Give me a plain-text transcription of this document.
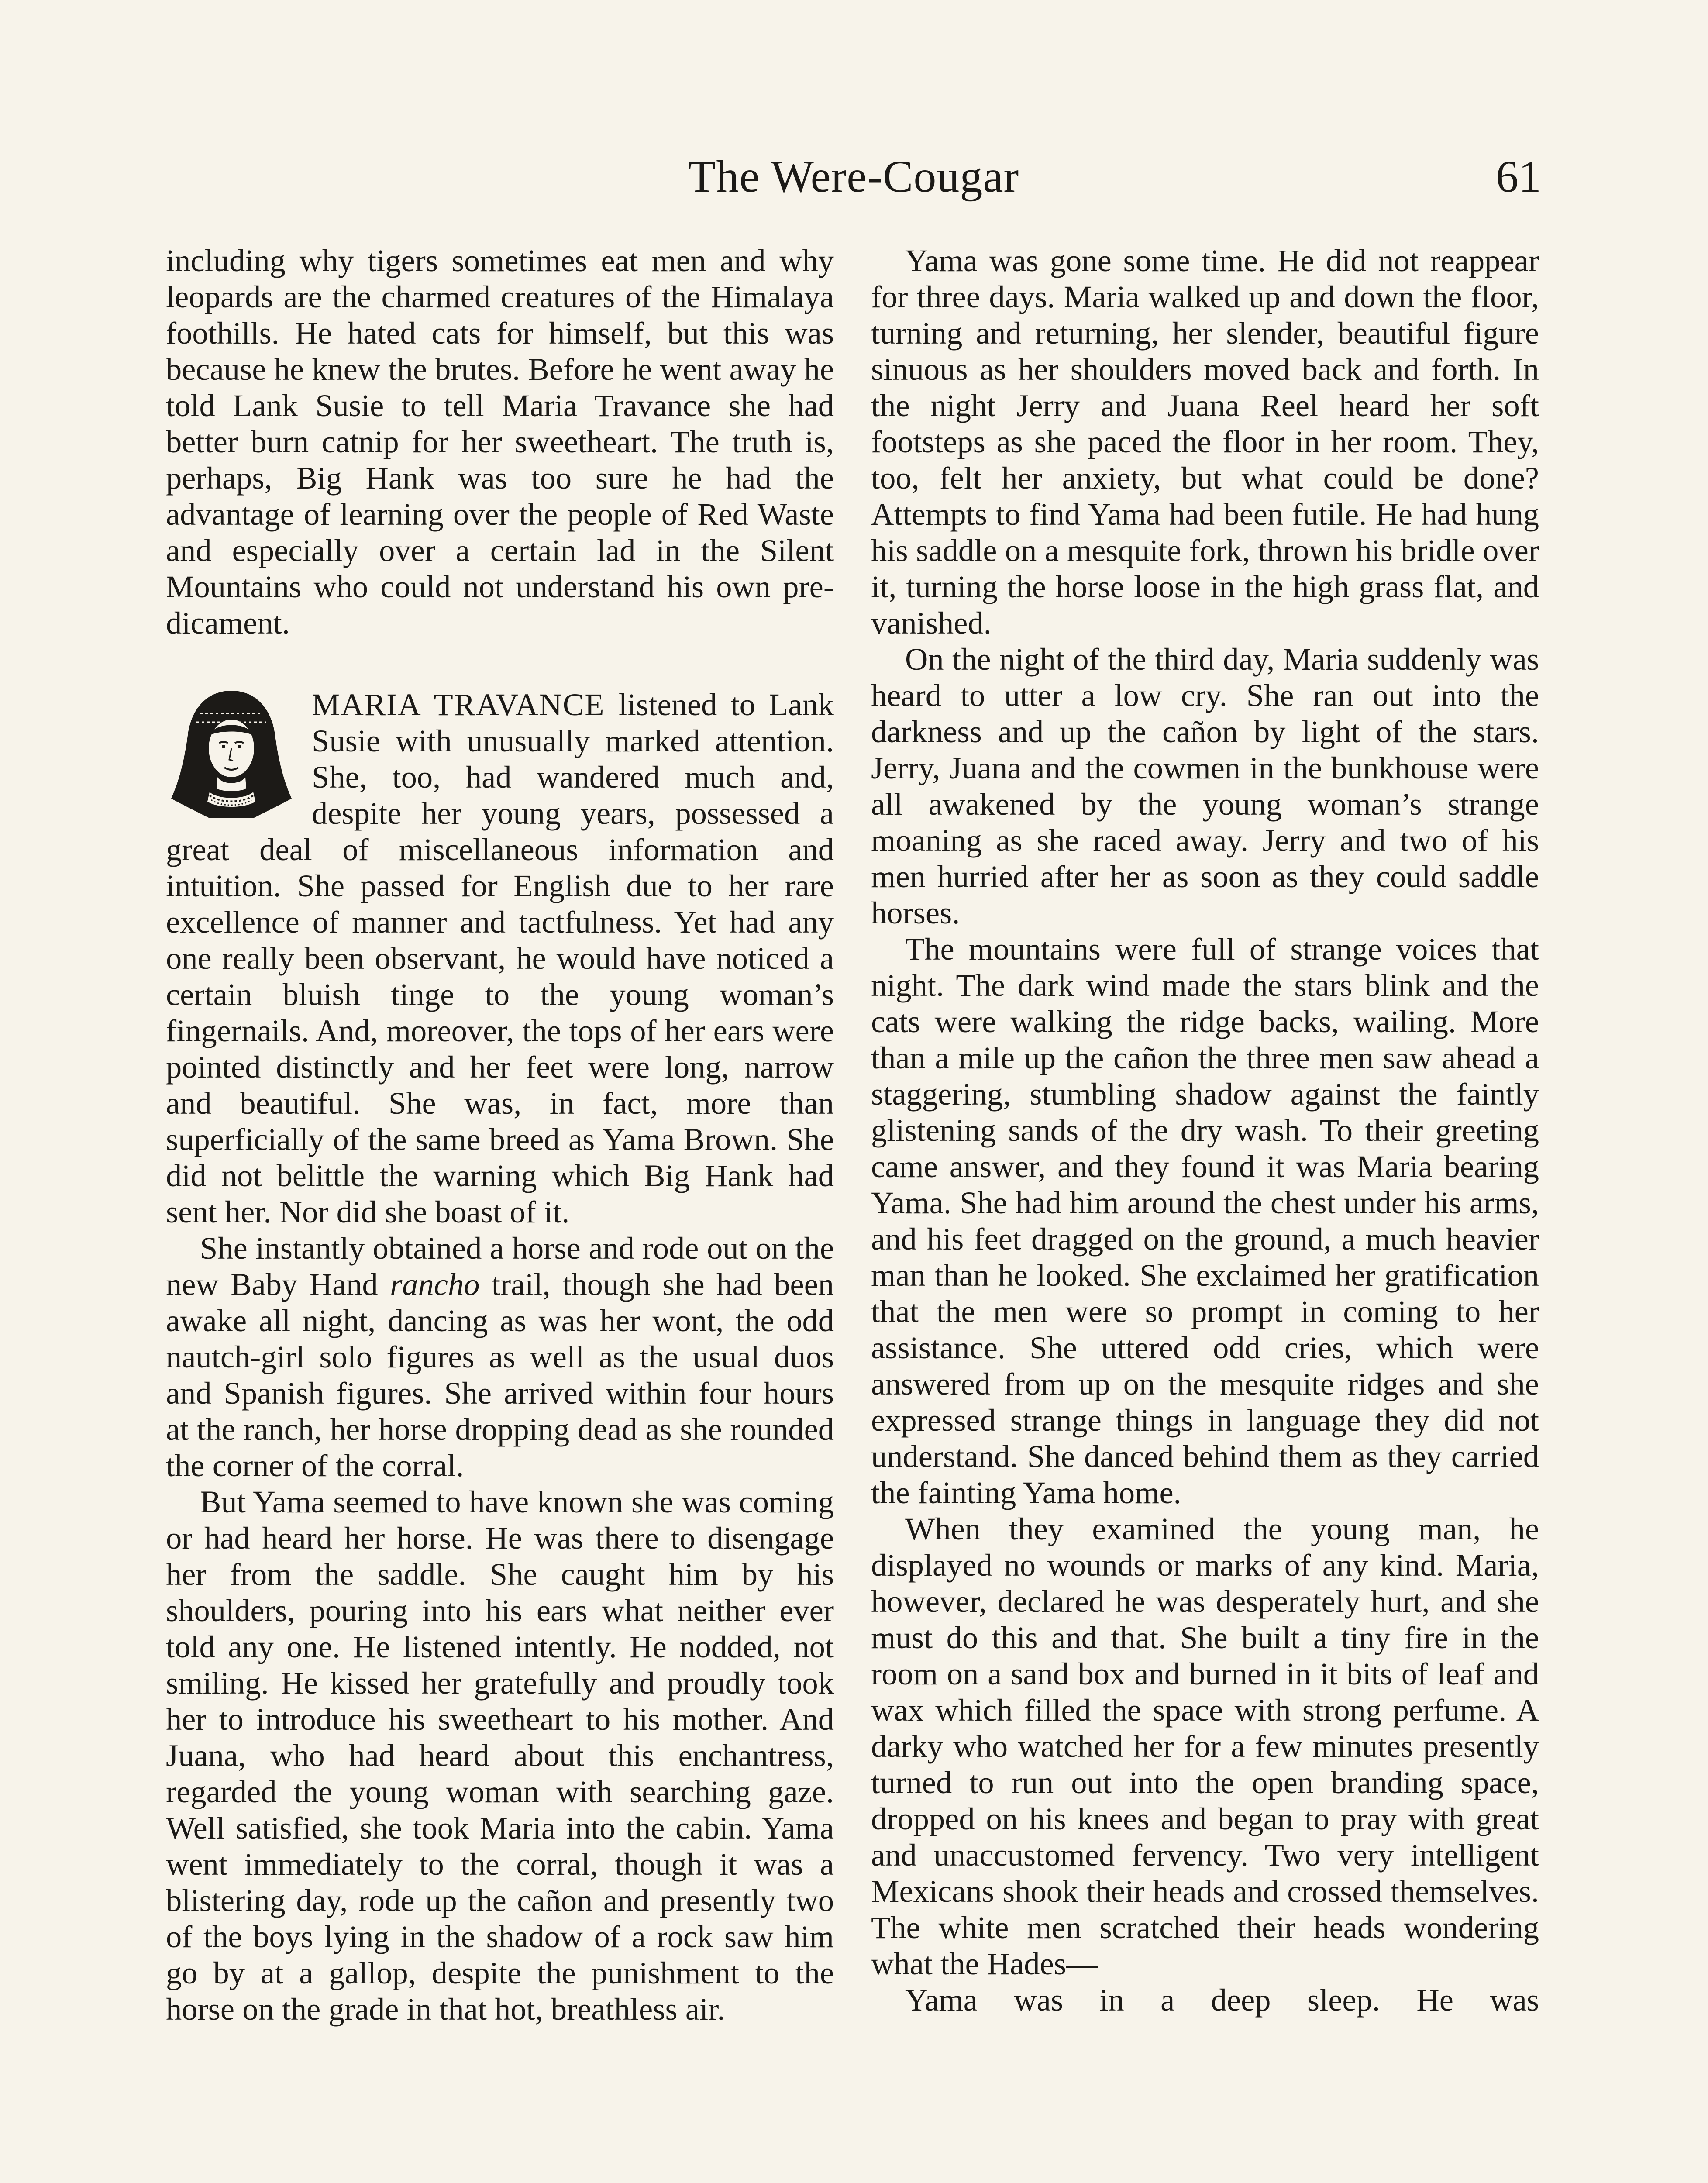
The Were-Cougar	61

including why tigers sometimes eat men and why leopards are the charmed creatures of the Himalaya foothills. He hated cats for himself, but this was because he knew the brutes. Before he went away he told Lank Susie to tell Maria Travance she had better burn catnip for her sweetheart. The truth is, perhaps, Big Hank was too sure he had the advantage of learning over the people of Red Waste and especially over a certain lad in the Silent Mountains who could not understand his own predicament.

MARIA TRAVANCE listened to Lank Susie with unusually marked attention. She, too, had wandered much and, despite her young years, possessed a great deal of miscellaneous information and intuition. She passed for English due to her rare excellence of manner and tactfulness. Yet had any one really been observant, he would have noticed a certain bluish tinge to the young woman’s fingernails. And, moreover, the tops of her ears were pointed distinctly and her feet were long, narrow and beautiful. She was, in fact, more than superficially of the same breed as Yama Brown. She did not belittle the warning which Big Hank had sent her. Nor did she boast of it.

She instantly obtained a horse and rode out on the new Baby Hand rancho trail, though she had been awake all night, dancing as was her wont, the odd nautch-girl solo figures as well as the usual duos and Spanish figures. She arrived within four hours at the ranch, her horse dropping dead as she rounded the corner of the corral.

But Yama seemed to have known she was coming or had heard her horse. He was there to disengage her from the saddle. She caught him by his shoulders, pouring into his ears what neither ever told any one. He listened intently. He nodded, not smiling. He kissed her gratefully and proudly took her to introduce his sweetheart to his mother. And Juana, who had heard about this enchantress, regarded the young woman with searching gaze. Well satisfied, she took Maria into the cabin. Yama went immediately to the corral, though it was a blistering day, rode up the cañon and presently two of the boys lying in the shadow of a rock saw him go by at a gallop, despite the punishment to the horse on the grade in that hot, breathless air.

Yama was gone some time. He did not reappear for three days. Maria walked up and down the floor, turning and returning, her slender, beautiful figure sinuous as her shoulders moved back and forth. In the night Jerry and Juana Reel heard her soft footsteps as she paced the floor in her room. They, too, felt her anxiety, but what could be done? Attempts to find Yama had been futile. He had hung his saddle on a mesquite fork, thrown his bridle over it, turning the horse loose in the high grass flat, and vanished.

On the night of the third day, Maria suddenly was heard to utter a low cry. She ran out into the darkness and up the cañon by light of the stars. Jerry, Juana and the cowmen in the bunkhouse were all awakened by the young woman’s strange moaning as she raced away. Jerry and two of his men hurried after her as soon as they could saddle horses.

The mountains were full of strange voices that night. The dark wind made the stars blink and the cats were walking the ridge backs, wailing. More than a mile up the cañon the three men saw ahead a staggering, stumbling shadow against the faintly glistening sands of the dry wash. To their greeting came answer, and they found it was Maria bearing Yama. She had him around the chest under his arms, and his feet dragged on the ground, a much heavier man than he looked. She exclaimed her gratification that the men were so prompt in coming to her assistance. She uttered odd cries, which were answered from up on the mesquite ridges and she expressed strange things in language they did not understand. She danced behind them as they carried the fainting Yama home.

When they examined the young man, he displayed no wounds or marks of any kind. Maria, however, declared he was desperately hurt, and she must do this and that. She built a tiny fire in the room on a sand box and burned in it bits of leaf and wax which filled the space with strong perfume. A darky who watched her for a few minutes presently turned to run out into the open branding space, dropped on his knees and began to pray with great and unaccustomed fervency. Two very intelligent Mexicans shook their heads and crossed themselves. The white men scratched their heads wondering what the Hades—

Yama was in a deep sleep. He was
